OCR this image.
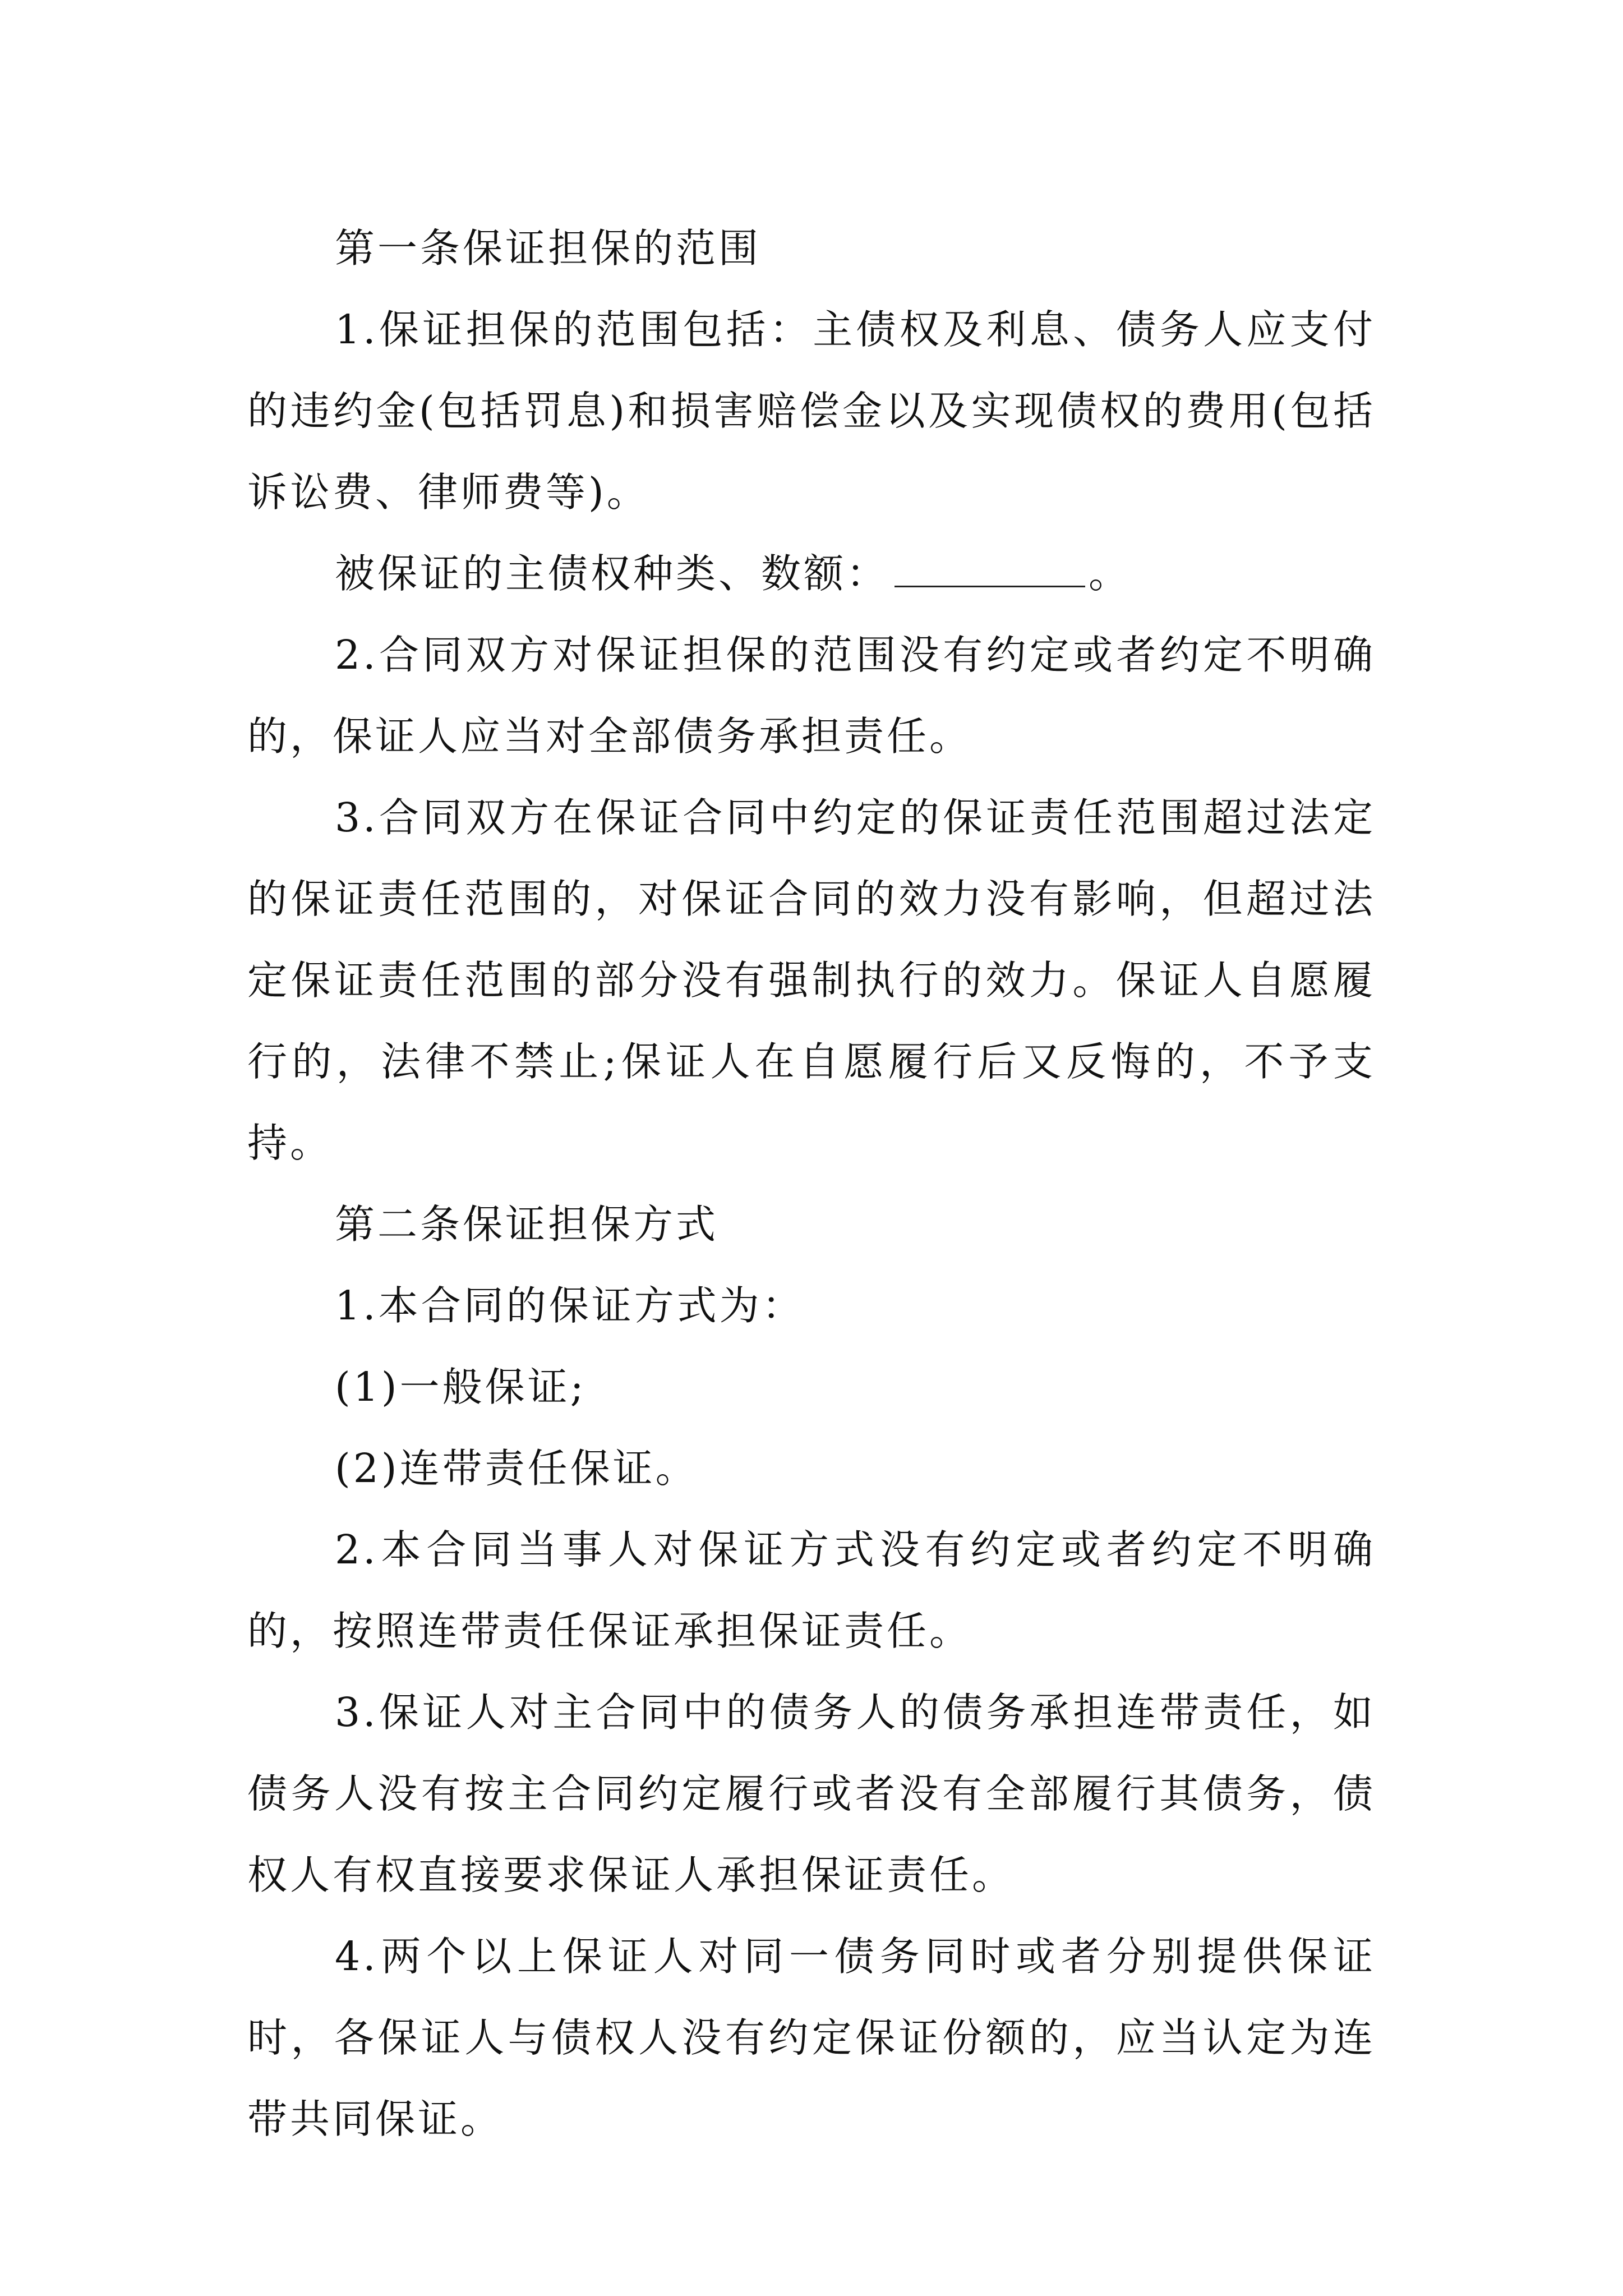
第一条保证担保的范围

1.保证担保的范围包括：主债权及利息、债务人应支付的违约金(包括罚息)和损害赔偿金以及实现债权的费用(包括诉讼费、律师费等)。

被保证的主债权种类、数额：	。

2.合同双方对保证担保的范围没有约定或者约定不明确的，保证人应当对全部债务承担责任。

3.合同双方在保证合同中约定的保证责任范围超过法定的保证责任范围的，对保证合同的效力没有影响，但超过法定保证责任范围的部分没有强制执行的效力。保证人自愿履行的，法律不禁止;保证人在自愿履行后又反悔的，不予支持。

第二条保证担保方式

1.本合同的保证方式为：

(1)一般保证;

(2)连带责任保证。

2.本合同当事人对保证方式没有约定或者约定不明确的，按照连带责任保证承担保证责任。

3.保证人对主合同中的债务人的债务承担连带责任，如债务人没有按主合同约定履行或者没有全部履行其债务，债权人有权直接要求保证人承担保证责任。

4.两个以上保证人对同一债务同时或者分别提供保证时，各保证人与债权人没有约定保证份额的，应当认定为连带共同保证。
